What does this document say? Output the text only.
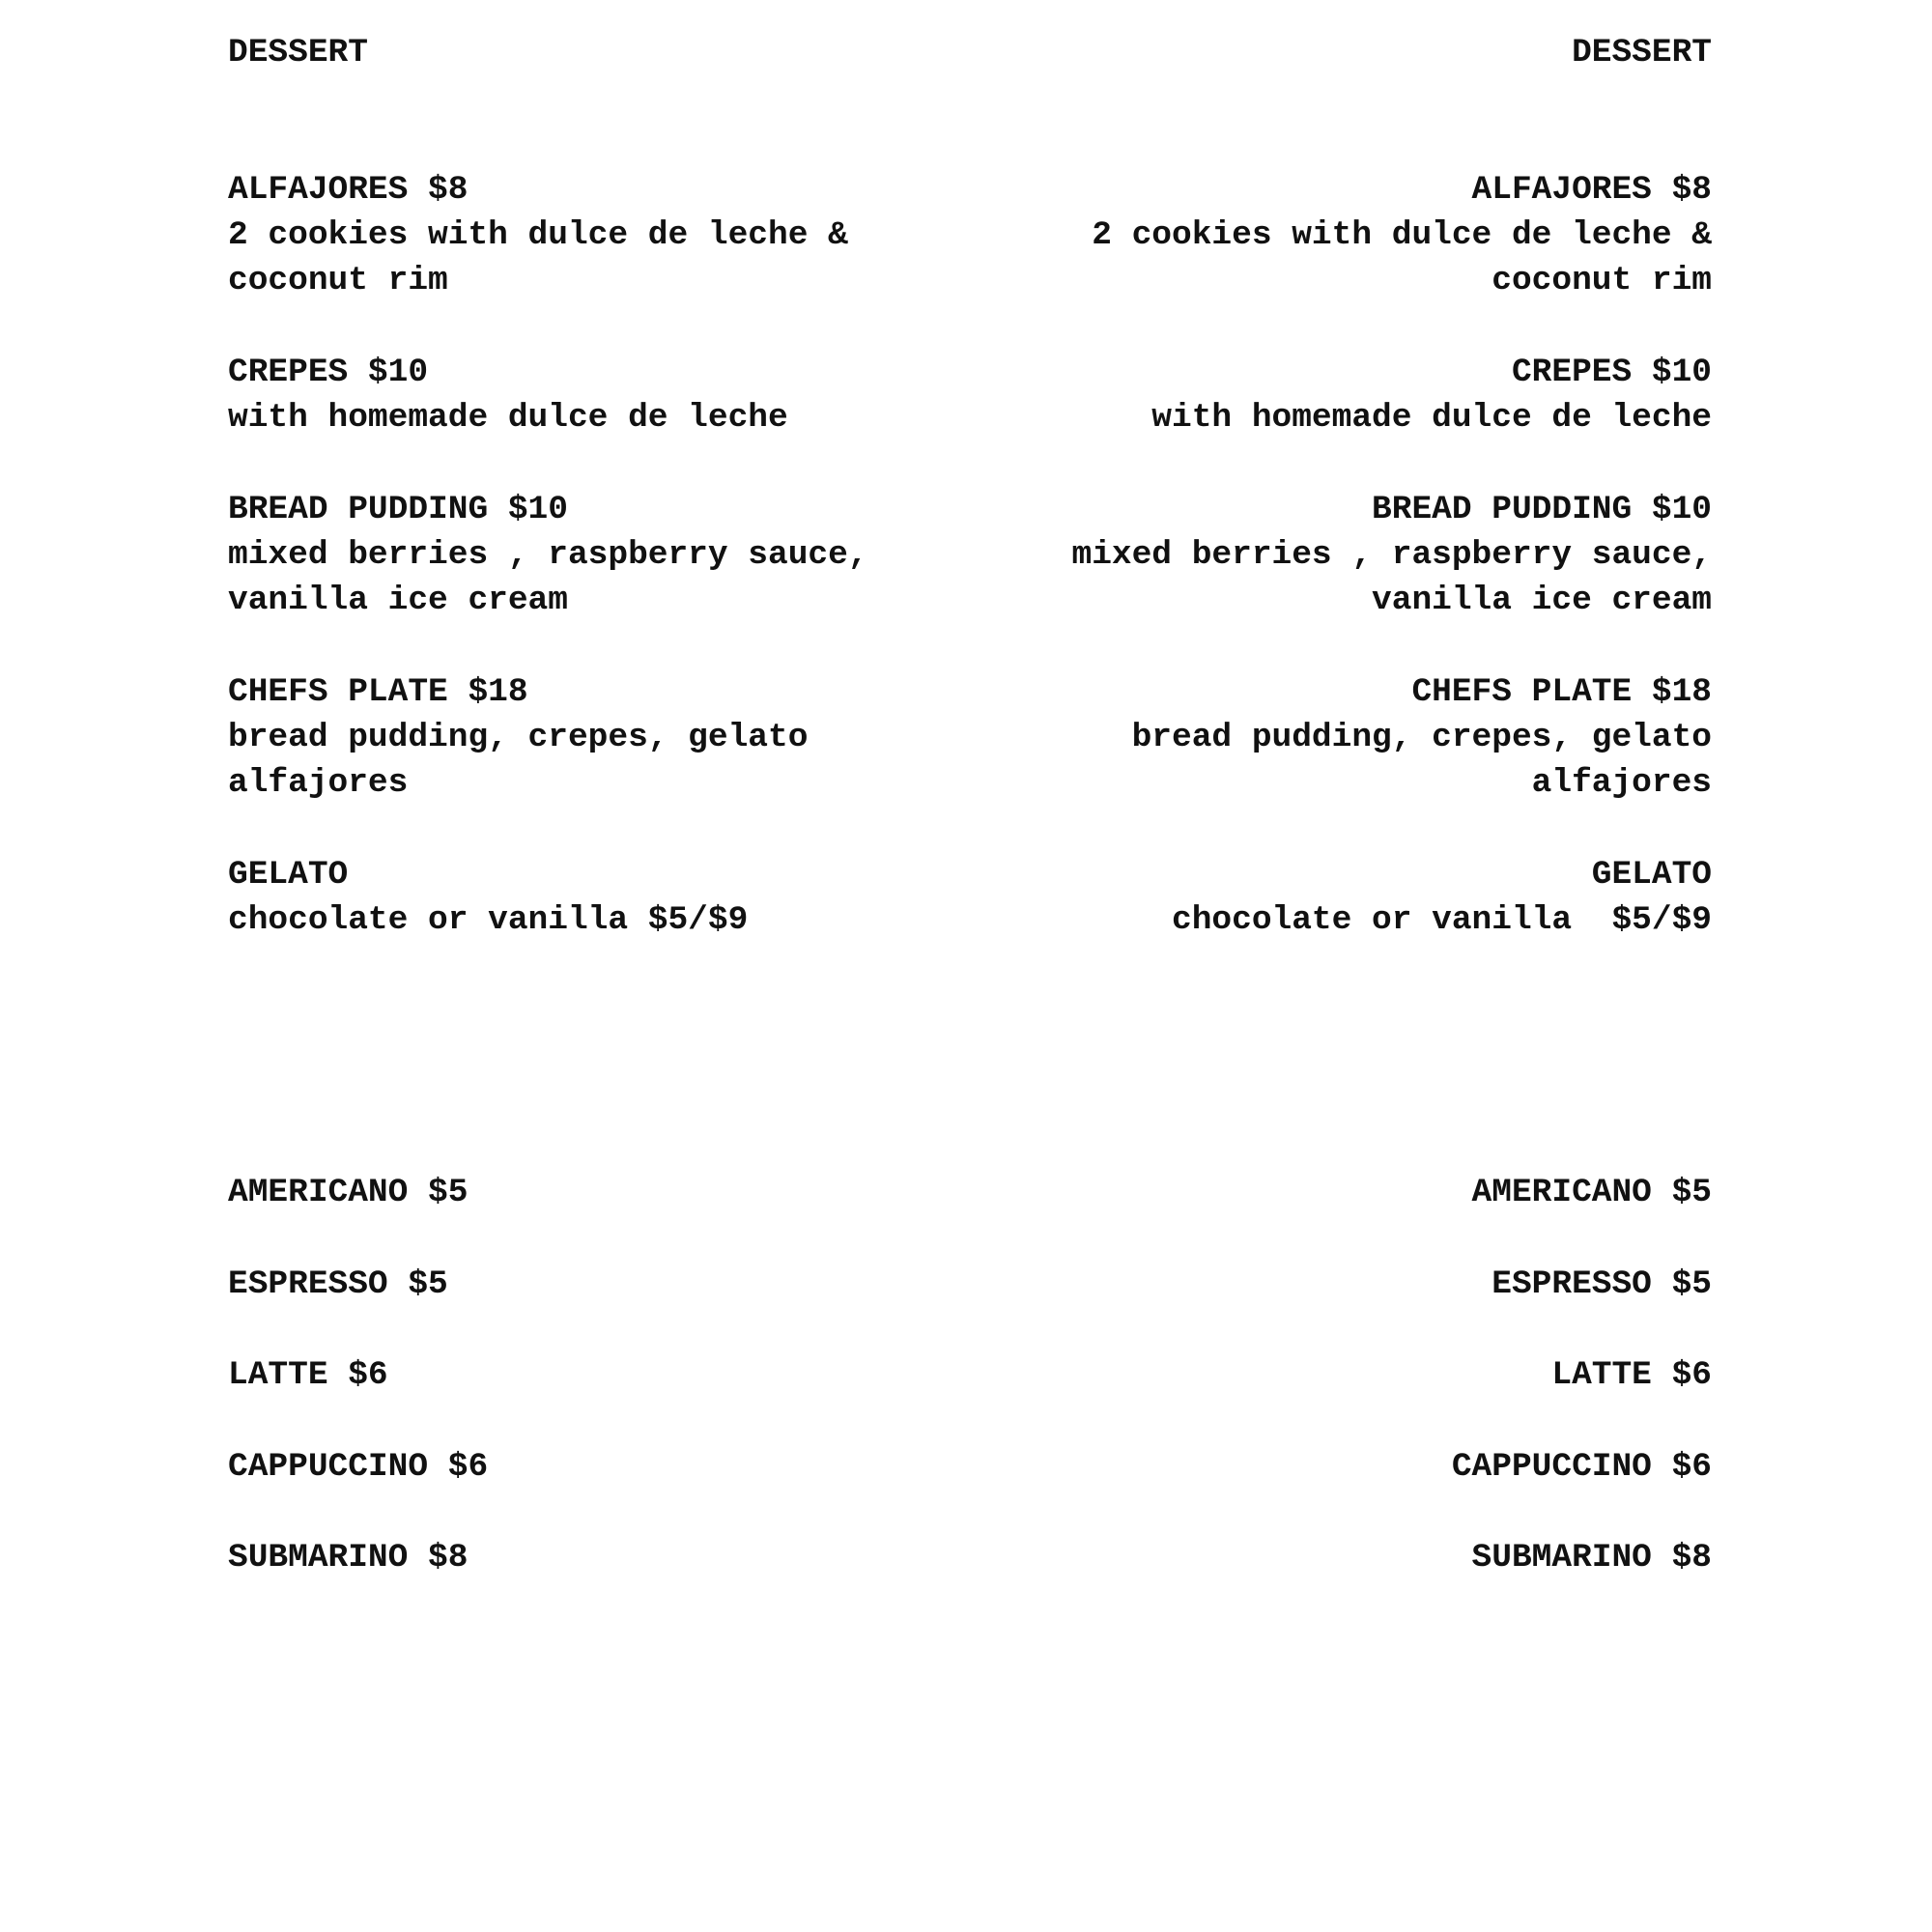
DESSERT
ALFAJORES $8
2 cookies with dulce de leche &
coconut rim
CREPES $10
with homemade dulce de leche
BREAD PUDDING $10
mixed berries , raspberry sauce,
vanilla ice cream
CHEFS PLATE $18
bread pudding, crepes, gelato
alfajores
GELATO
chocolate or vanilla $5/$9
AMERICANO $5
ESPRESSO $5
LATTE $6
CAPPUCCINO $6
SUBMARINO $8
DESSERT
ALFAJORES $8
2 cookies with dulce de leche &
coconut rim
CREPES $10
with homemade dulce de leche
BREAD PUDDING $10
mixed berries , raspberry sauce,
vanilla ice cream
CHEFS PLATE $18
bread pudding, crepes, gelato
alfajores
GELATO
chocolate or vanilla  $5/$9
AMERICANO $5
ESPRESSO $5
LATTE $6
CAPPUCCINO $6
SUBMARINO $8
